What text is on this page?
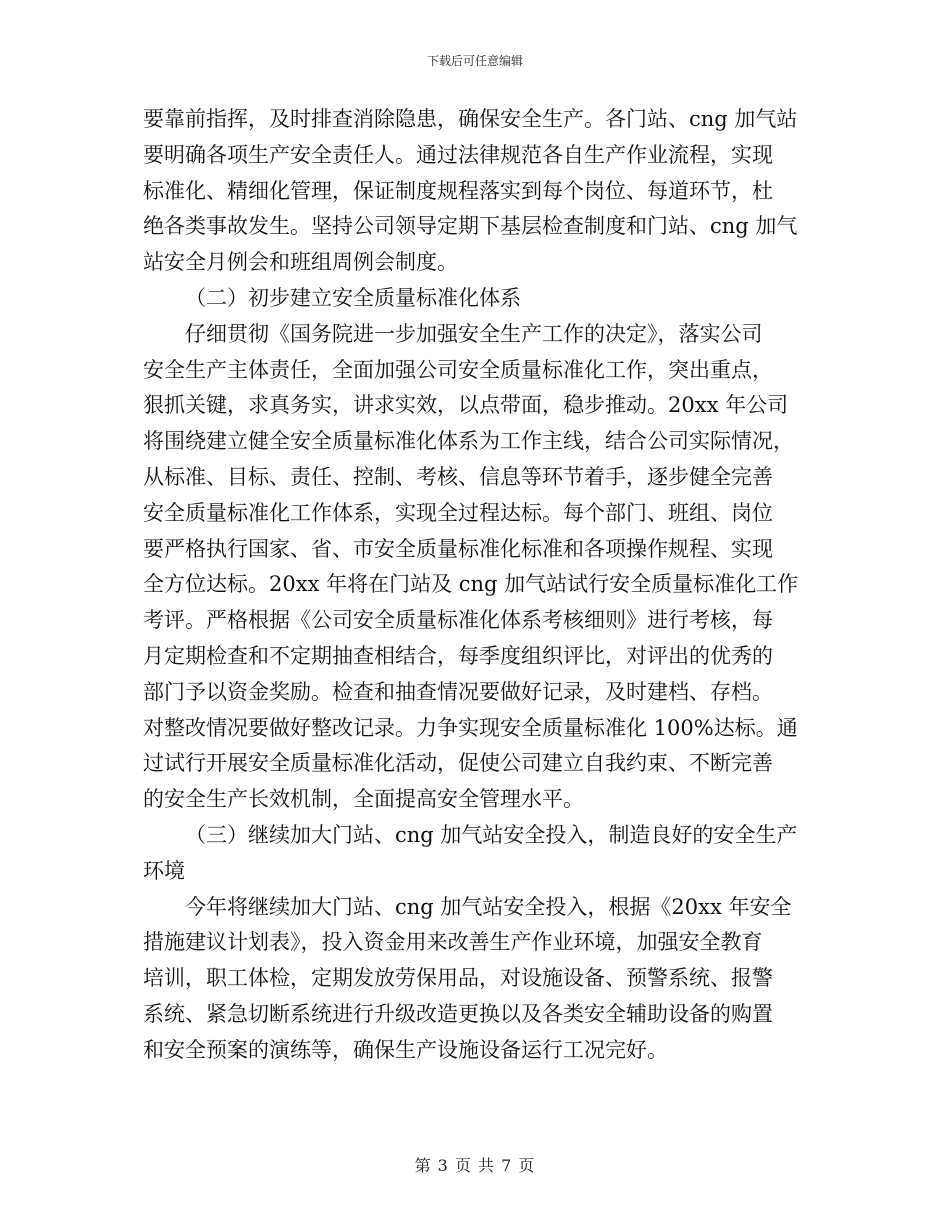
下载后可任意编辑

要靠前指挥，及时排查消除隐患，确保安全生产。各门站、cng 加气站
要明确各项生产安全责任人。通过法律规范各自生产作业流程，实现
标准化、精细化管理，保证制度规程落实到每个岗位、每道环节，杜
绝各类事故发生。坚持公司领导定期下基层检查制度和门站、cng 加气
站安全月例会和班组周例会制度。

（二）初步建立安全质量标准化体系

仔细贯彻《国务院进一步加强安全生产工作的决定》，落实公司
安全生产主体责任，全面加强公司安全质量标准化工作，突出重点，
狠抓关键，求真务实，讲求实效，以点带面，稳步推动。20xx 年公司
将围绕建立健全安全质量标准化体系为工作主线，结合公司实际情况，
从标准、目标、责任、控制、考核、信息等环节着手，逐步健全完善
安全质量标准化工作体系，实现全过程达标。每个部门、班组、岗位
要严格执行国家、省、市安全质量标准化标准和各项操作规程、实现
全方位达标。20xx 年将在门站及 cng 加气站试行安全质量标准化工作
考评。严格根据《公司安全质量标准化体系考核细则》进行考核，每
月定期检查和不定期抽查相结合，每季度组织评比，对评出的优秀的
部门予以资金奖励。检查和抽查情况要做好记录，及时建档、存档。
对整改情况要做好整改记录。力争实现安全质量标准化 100%达标。通
过试行开展安全质量标准化活动，促使公司建立自我约束、不断完善
的安全生产长效机制，全面提高安全管理水平。

（三）继续加大门站、cng 加气站安全投入，制造良好的安全生产
环境

今年将继续加大门站、cng 加气站安全投入，根据《20xx 年安全
措施建议计划表》，投入资金用来改善生产作业环境，加强安全教育
培训，职工体检，定期发放劳保用品，对设施设备、预警系统、报警
系统、紧急切断系统进行升级改造更换以及各类安全辅助设备的购置
和安全预案的演练等，确保生产设施设备运行工况完好。

第 3 页 共 7 页
